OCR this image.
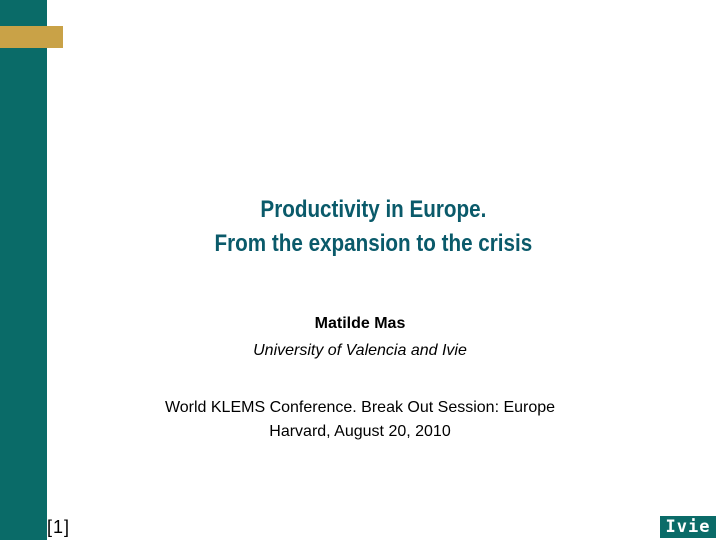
Productivity in Europe.
From the expansion to the crisis
Matilde Mas
University of Valencia and Ivie
World KLEMS Conference. Break Out Session: Europe
Harvard, August 20, 2010
[1]	Ivie
